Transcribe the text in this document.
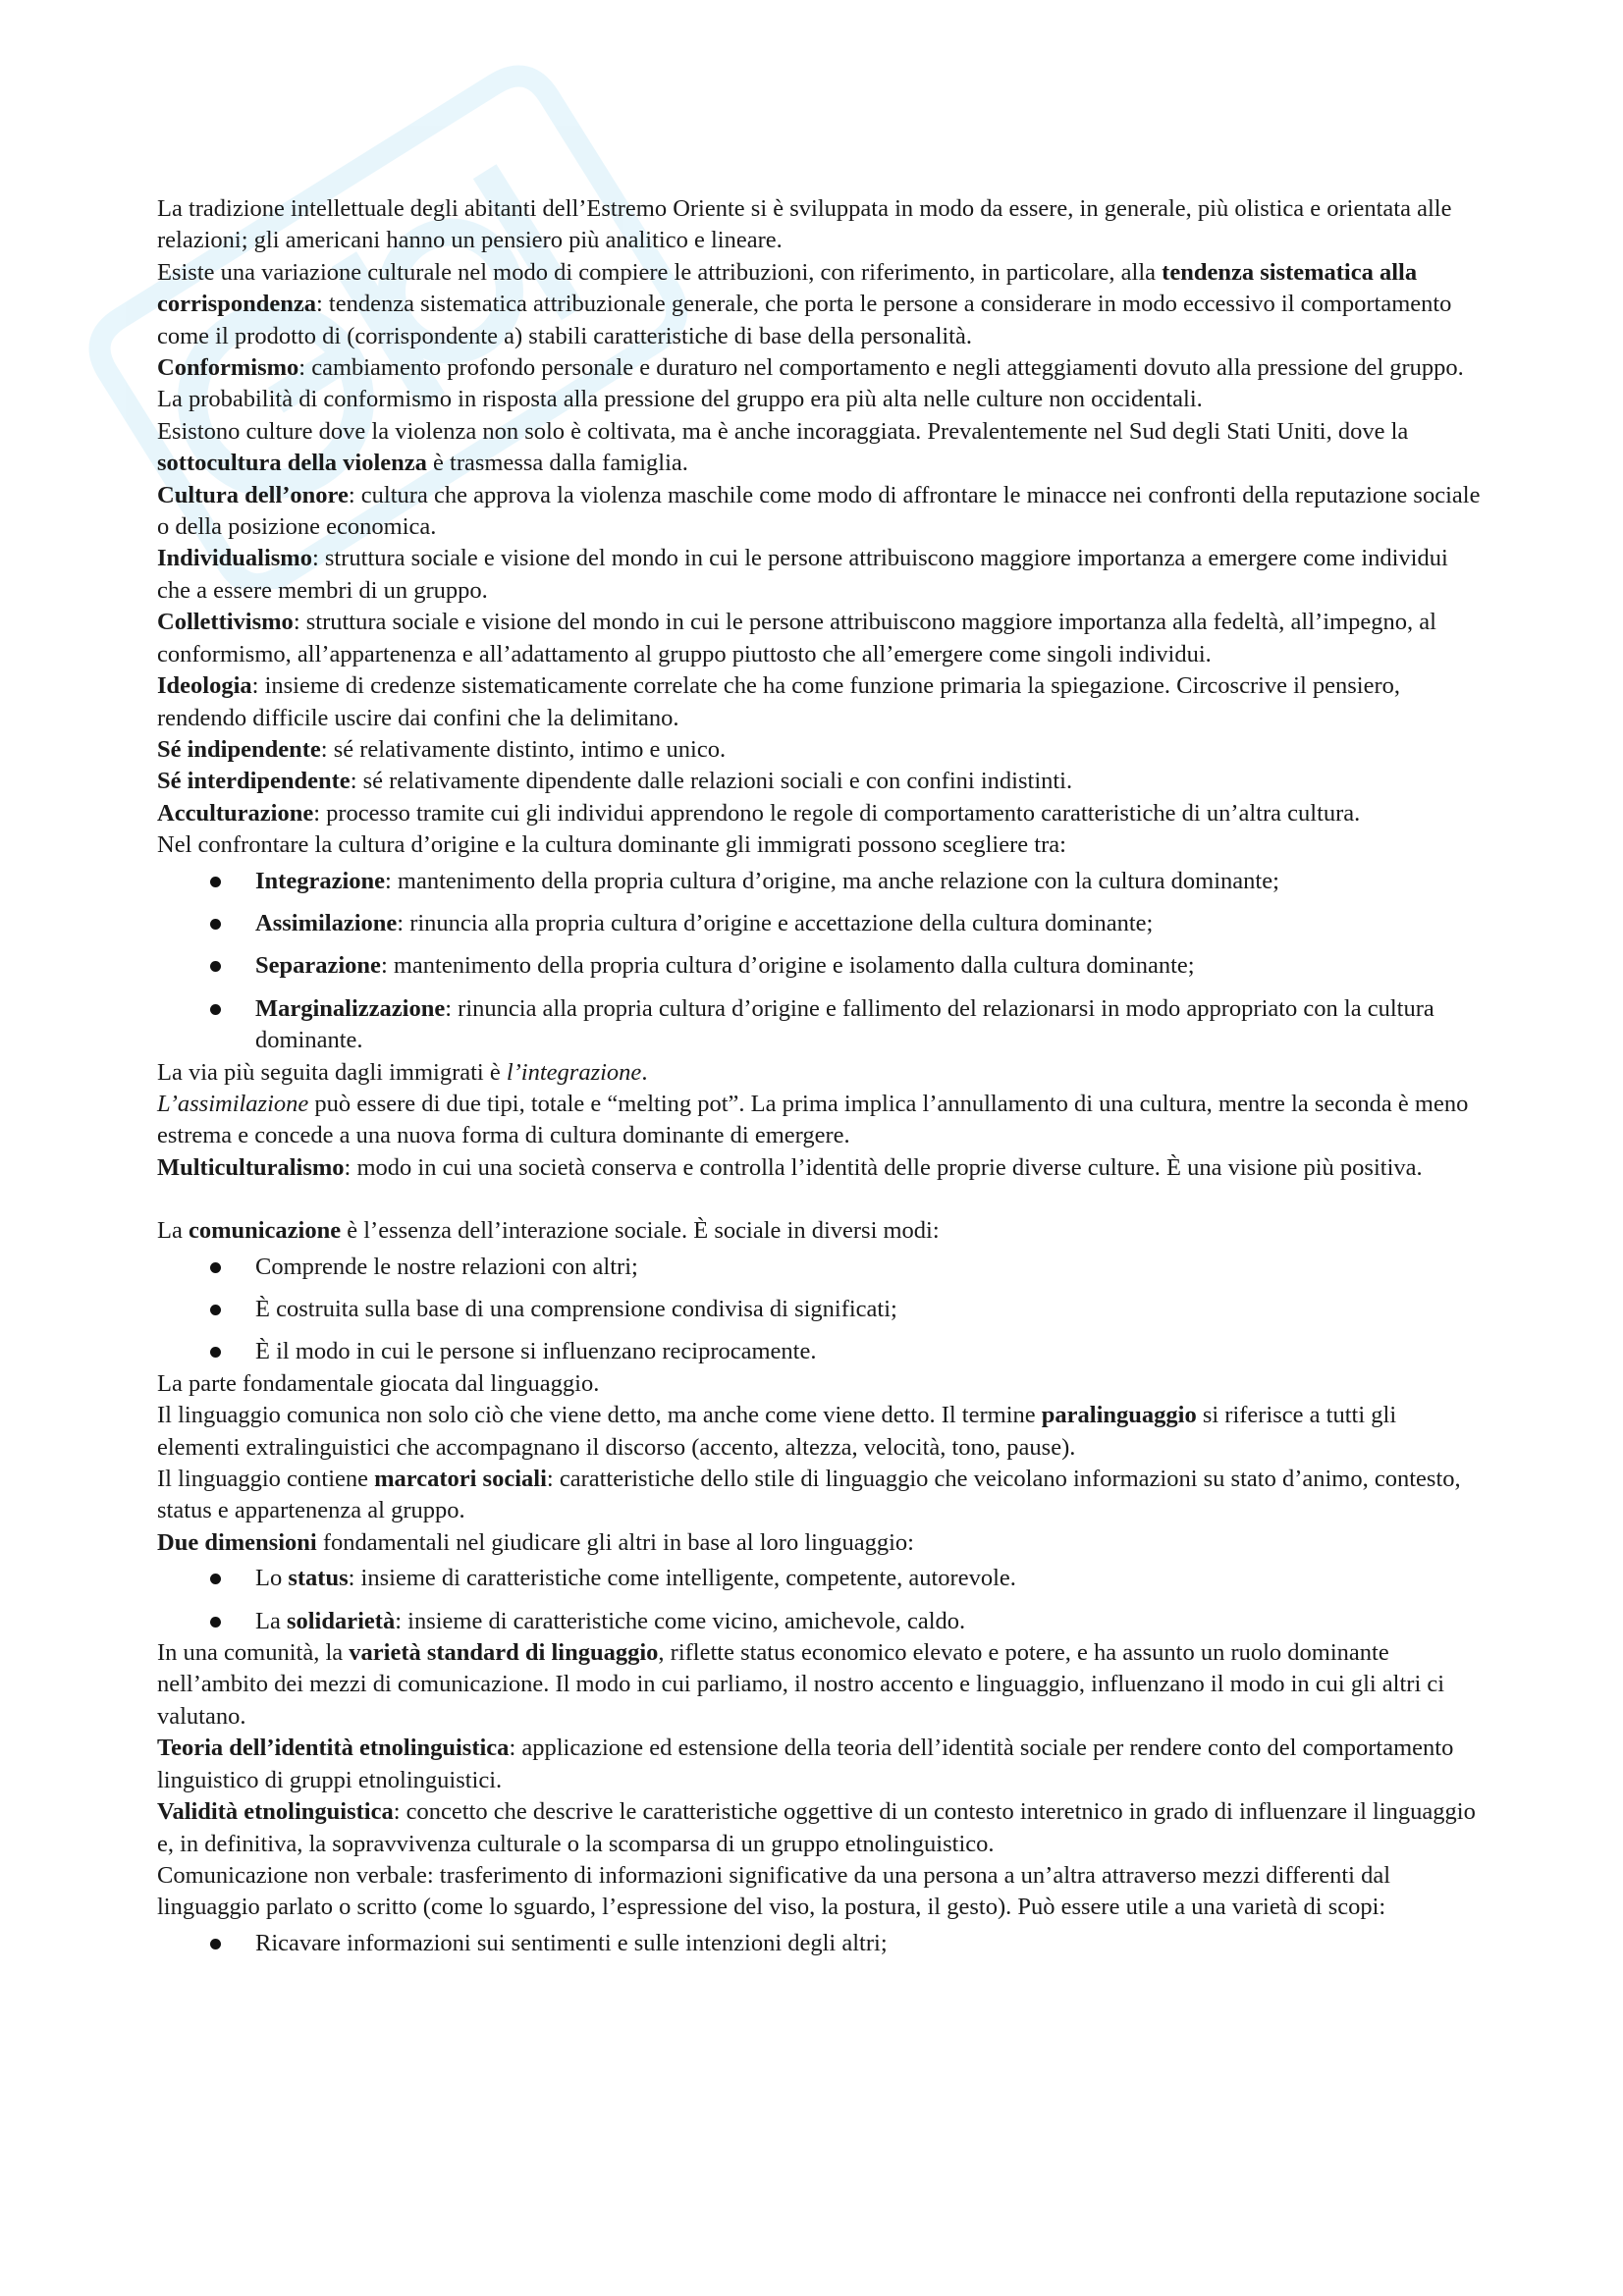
La tradizione intellettuale degli abitanti dell’Estremo Oriente si è sviluppata in modo da essere, in generale, più olistica e orientata alle relazioni; gli americani hanno un pensiero più analitico e lineare.

Esiste una variazione culturale nel modo di compiere le attribuzioni, con riferimento, in particolare, alla tendenza sistematica alla corrispondenza: tendenza sistematica attribuzionale generale, che porta le persone a considerare in modo eccessivo il comportamento come il prodotto di (corrispondente a) stabili caratteristiche di base della personalità.

Conformismo: cambiamento profondo personale e duraturo nel comportamento e negli atteggiamenti dovuto alla pressione del gruppo.

La probabilità di conformismo in risposta alla pressione del gruppo era più alta nelle culture non occidentali.

Esistono culture dove la violenza non solo è coltivata, ma è anche incoraggiata. Prevalentemente nel Sud degli Stati Uniti, dove la sottocultura della violenza è trasmessa dalla famiglia.

Cultura dell’onore: cultura che approva la violenza maschile come modo di affrontare le minacce nei confronti della reputazione sociale o della posizione economica.

Individualismo: struttura sociale e visione del mondo in cui le persone attribuiscono maggiore importanza a emergere come individui che a essere membri di un gruppo.

Collettivismo: struttura sociale e visione del mondo in cui le persone attribuiscono maggiore importanza alla fedeltà, all’impegno, al conformismo, all’appartenenza e all’adattamento al gruppo piuttosto che all’emergere come singoli individui.

Ideologia: insieme di credenze sistematicamente correlate che ha come funzione primaria la spiegazione. Circoscrive il pensiero, rendendo difficile uscire dai confini che la delimitano.

Sé indipendente: sé relativamente distinto, intimo e unico.

Sé interdipendente: sé relativamente dipendente dalle relazioni sociali e con confini indistinti.

Acculturazione: processo tramite cui gli individui apprendono le regole di comportamento caratteristiche di un’altra cultura.

Nel confrontare la cultura d’origine e la cultura dominante gli immigrati possono scegliere tra:

Integrazione: mantenimento della propria cultura d’origine, ma anche relazione con la cultura dominante;
Assimilazione: rinuncia alla propria cultura d’origine e accettazione della cultura dominante;
Separazione: mantenimento della propria cultura d’origine e isolamento dalla cultura dominante;
Marginalizzazione: rinuncia alla propria cultura d’origine e fallimento del relazionarsi in modo appropriato con la cultura dominante.

La via più seguita dagli immigrati è l’integrazione.

L’assimilazione può essere di due tipi, totale e “melting pot”. La prima implica l’annullamento di una cultura, mentre la seconda è meno estrema e concede a una nuova forma di cultura dominante di emergere.

Multiculturalismo: modo in cui una società conserva e controlla l’identità delle proprie diverse culture. È una visione più positiva.

La comunicazione è l’essenza dell’interazione sociale. È sociale in diversi modi:

Comprende le nostre relazioni con altri;
È costruita sulla base di una comprensione condivisa di significati;
È il modo in cui le persone si influenzano reciprocamente.

La parte fondamentale giocata dal linguaggio.

Il linguaggio comunica non solo ciò che viene detto, ma anche come viene detto. Il termine paralinguaggio si riferisce a tutti gli elementi extralinguistici che accompagnano il discorso (accento, altezza, velocità, tono, pause).

Il linguaggio contiene marcatori sociali: caratteristiche dello stile di linguaggio che veicolano informazioni su stato d’animo, contesto, status e appartenenza al gruppo.

Due dimensioni fondamentali nel giudicare gli altri in base al loro linguaggio:

Lo status: insieme di caratteristiche come intelligente, competente, autorevole.
La solidarietà: insieme di caratteristiche come vicino, amichevole, caldo.

In una comunità, la varietà standard di linguaggio, riflette status economico elevato e potere, e ha assunto un ruolo dominante nell’ambito dei mezzi di comunicazione. Il modo in cui parliamo, il nostro accento e linguaggio, influenzano il modo in cui gli altri ci valutano.

Teoria dell’identità etnolinguistica: applicazione ed estensione della teoria dell’identità sociale per rendere conto del comportamento linguistico di gruppi etnolinguistici.

Validità etnolinguistica: concetto che descrive le caratteristiche oggettive di un contesto interetnico in grado di influenzare il linguaggio e, in definitiva, la sopravvivenza culturale o la scomparsa di un gruppo etnolinguistico.

Comunicazione non verbale: trasferimento di informazioni significative da una persona a un’altra attraverso mezzi differenti dal linguaggio parlato o scritto (come lo sguardo, l’espressione del viso, la postura, il gesto). Può essere utile a una varietà di scopi:

Ricavare informazioni sui sentimenti e sulle intenzioni degli altri;
